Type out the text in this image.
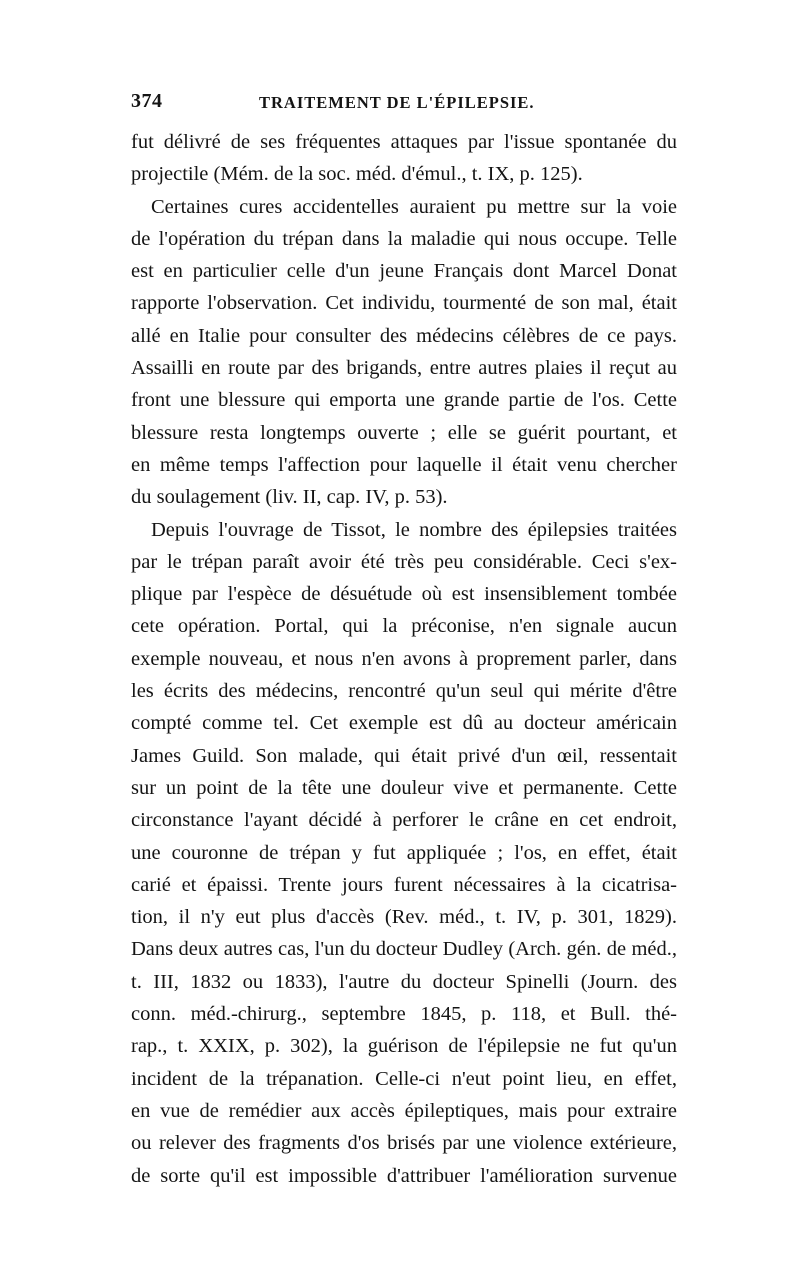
374	TRAITEMENT DE L'ÉPILEPSIE.
fut délivré de ses fréquentes attaques par l'issue spontanée du
projectile (Mém. de la soc. méd. d'émul., t. IX, p. 125).
Certaines cures accidentelles auraient pu mettre sur la voie
de l'opération du trépan dans la maladie qui nous occupe. Telle
est en particulier celle d'un jeune Français dont Marcel Donat
rapporte l'observation. Cet individu, tourmenté de son mal, était
allé en Italie pour consulter des médecins célèbres de ce pays.
Assailli en route par des brigands, entre autres plaies il reçut au
front une blessure qui emporta une grande partie de l'os. Cette
blessure resta longtemps ouverte ; elle se guérit pourtant, et
en même temps l'affection pour laquelle il était venu chercher
du soulagement (liv. II, cap. IV, p. 53).
Depuis l'ouvrage de Tissot, le nombre des épilepsies traitées
par le trépan paraît avoir été très peu considérable. Ceci s'ex-
plique par l'espèce de désuétude où est insensiblement tombée
cete opération. Portal, qui la préconise, n'en signale aucun
exemple nouveau, et nous n'en avons à proprement parler, dans
les écrits des médecins, rencontré qu'un seul qui mérite d'être
compté comme tel. Cet exemple est dû au docteur américain
James Guild. Son malade, qui était privé d'un œil, ressentait
sur un point de la tête une douleur vive et permanente. Cette
circonstance l'ayant décidé à perforer le crâne en cet endroit,
une couronne de trépan y fut appliquée ; l'os, en effet, était
carié et épaissi. Trente jours furent nécessaires à la cicatrisa-
tion, il n'y eut plus d'accès (Rev. méd., t. IV, p. 301, 1829).
Dans deux autres cas, l'un du docteur Dudley (Arch. gén. de méd.,
t. III, 1832 ou 1833), l'autre du docteur Spinelli (Journ. des
conn. méd.-chirurg., septembre 1845, p. 118, et Bull. thé-
rap., t. XXIX, p. 302), la guérison de l'épilepsie ne fut qu'un
incident de la trépanation. Celle-ci n'eut point lieu, en effet,
en vue de remédier aux accès épileptiques, mais pour extraire
ou relever des fragments d'os brisés par une violence extérieure,
de sorte qu'il est impossible d'attribuer l'amélioration survenue
